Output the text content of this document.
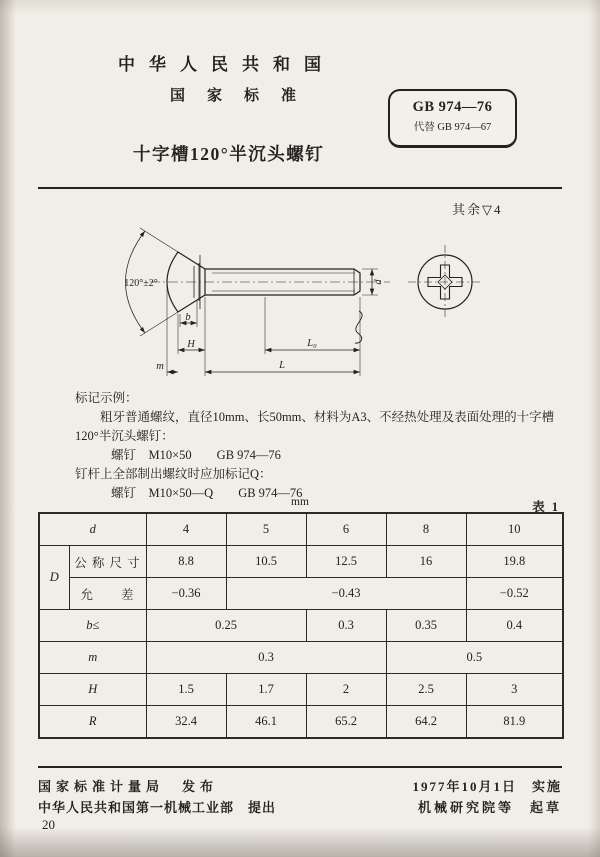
中华人民共和国
国家标准
GB 974—76
代替 GB 974—67
十字槽120°半沉头螺钉
其余▽4
120°±2°
b
H
m
L₀
L
d

标记示例：

粗牙普通螺纹，直径10mm、长50mm、材料为A3、不经热处理及表面处理的十字槽120°半沉头螺钉：

螺钉　M10×50　　GB 974—76

钉杆上全部制出螺纹时应加标记Q：

螺钉　M10×50—Q　　GB 974—76

mm	表 1
d		4	5	6	8	10
D	公 称 尺 寸	8.8	10.5	12.5	16	19.8
	允　　差	−0.36	−0.43			−0.52
b≤		0.25		0.3	0.35	0.4
m		0.3			0.5	
H		1.5	1.7	2	2.5	3
R		32.4	46.1	65.2	64.2	81.9
国家标准计量局　发布
中华人民共和国第一机械工业部　提出
1977年10月1日　实施
机械研究院等　起草
20
